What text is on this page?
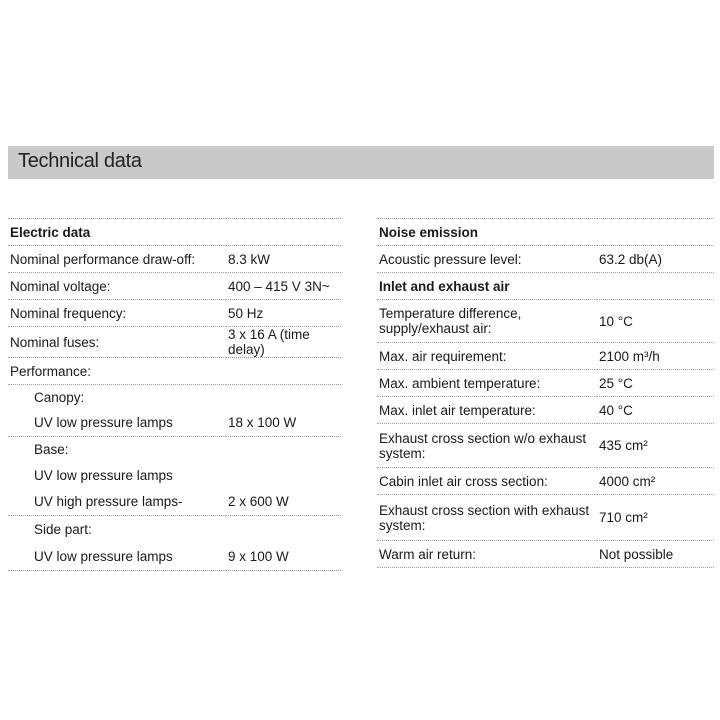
Technical data
Electric data	
Nominal performance draw-off:	8.3 kW
Nominal voltage:	400 – 415 V 3N~
Nominal frequency:	50 Hz
Nominal fuses:	3 x 16 A (time delay)
Performance:	
Canopy:	
UV low pressure lamps	18 x 100 W
Base:	
UV low pressure lamps	
UV high pressure lamps-	2 x 600 W
Side part:	
UV low pressure lamps	9 x 100 W
Noise emission	
Acoustic pressure level:	63.2 db(A)
Inlet and exhaust air	
Temperature difference, supply/exhaust air:	10 °C
Max. air requirement:	2100 m³/h
Max. ambient temperature:	25 °C
Max. inlet air temperature:	40 °C
Exhaust cross section w/o exhaust system:	435 cm²
Cabin inlet air cross section:	4000 cm²
Exhaust cross section with exhaust system:	710 cm²
Warm air return:	Not possible
